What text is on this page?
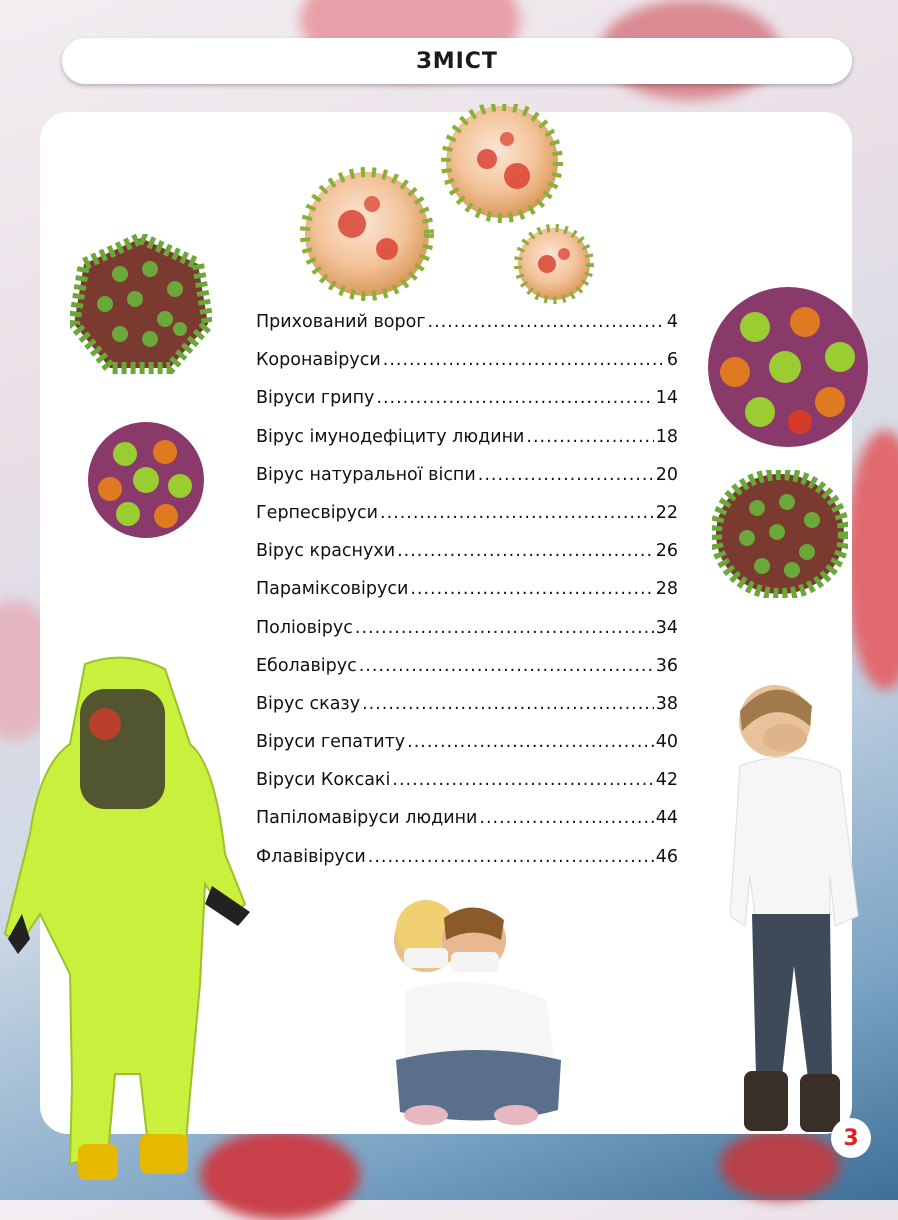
ЗМІСТ
Прихований ворог .....	4
Коронавіруси .....	6
Віруси грипу .....	14
Вірус імунодефіциту людини .....	18
Вірус натуральної віспи .....	20
Герпесвіруси .....	22
Вірус краснухи .....	26
Параміксовіруси .....	28
Поліовірус .....	34
Еболавірус .....	36
Вірус сказу .....	38
Віруси гепатиту .....	40
Віруси Коксакі .....	42
Папіломавіруси людини .....	44
Флавівіруси .....	46
3
